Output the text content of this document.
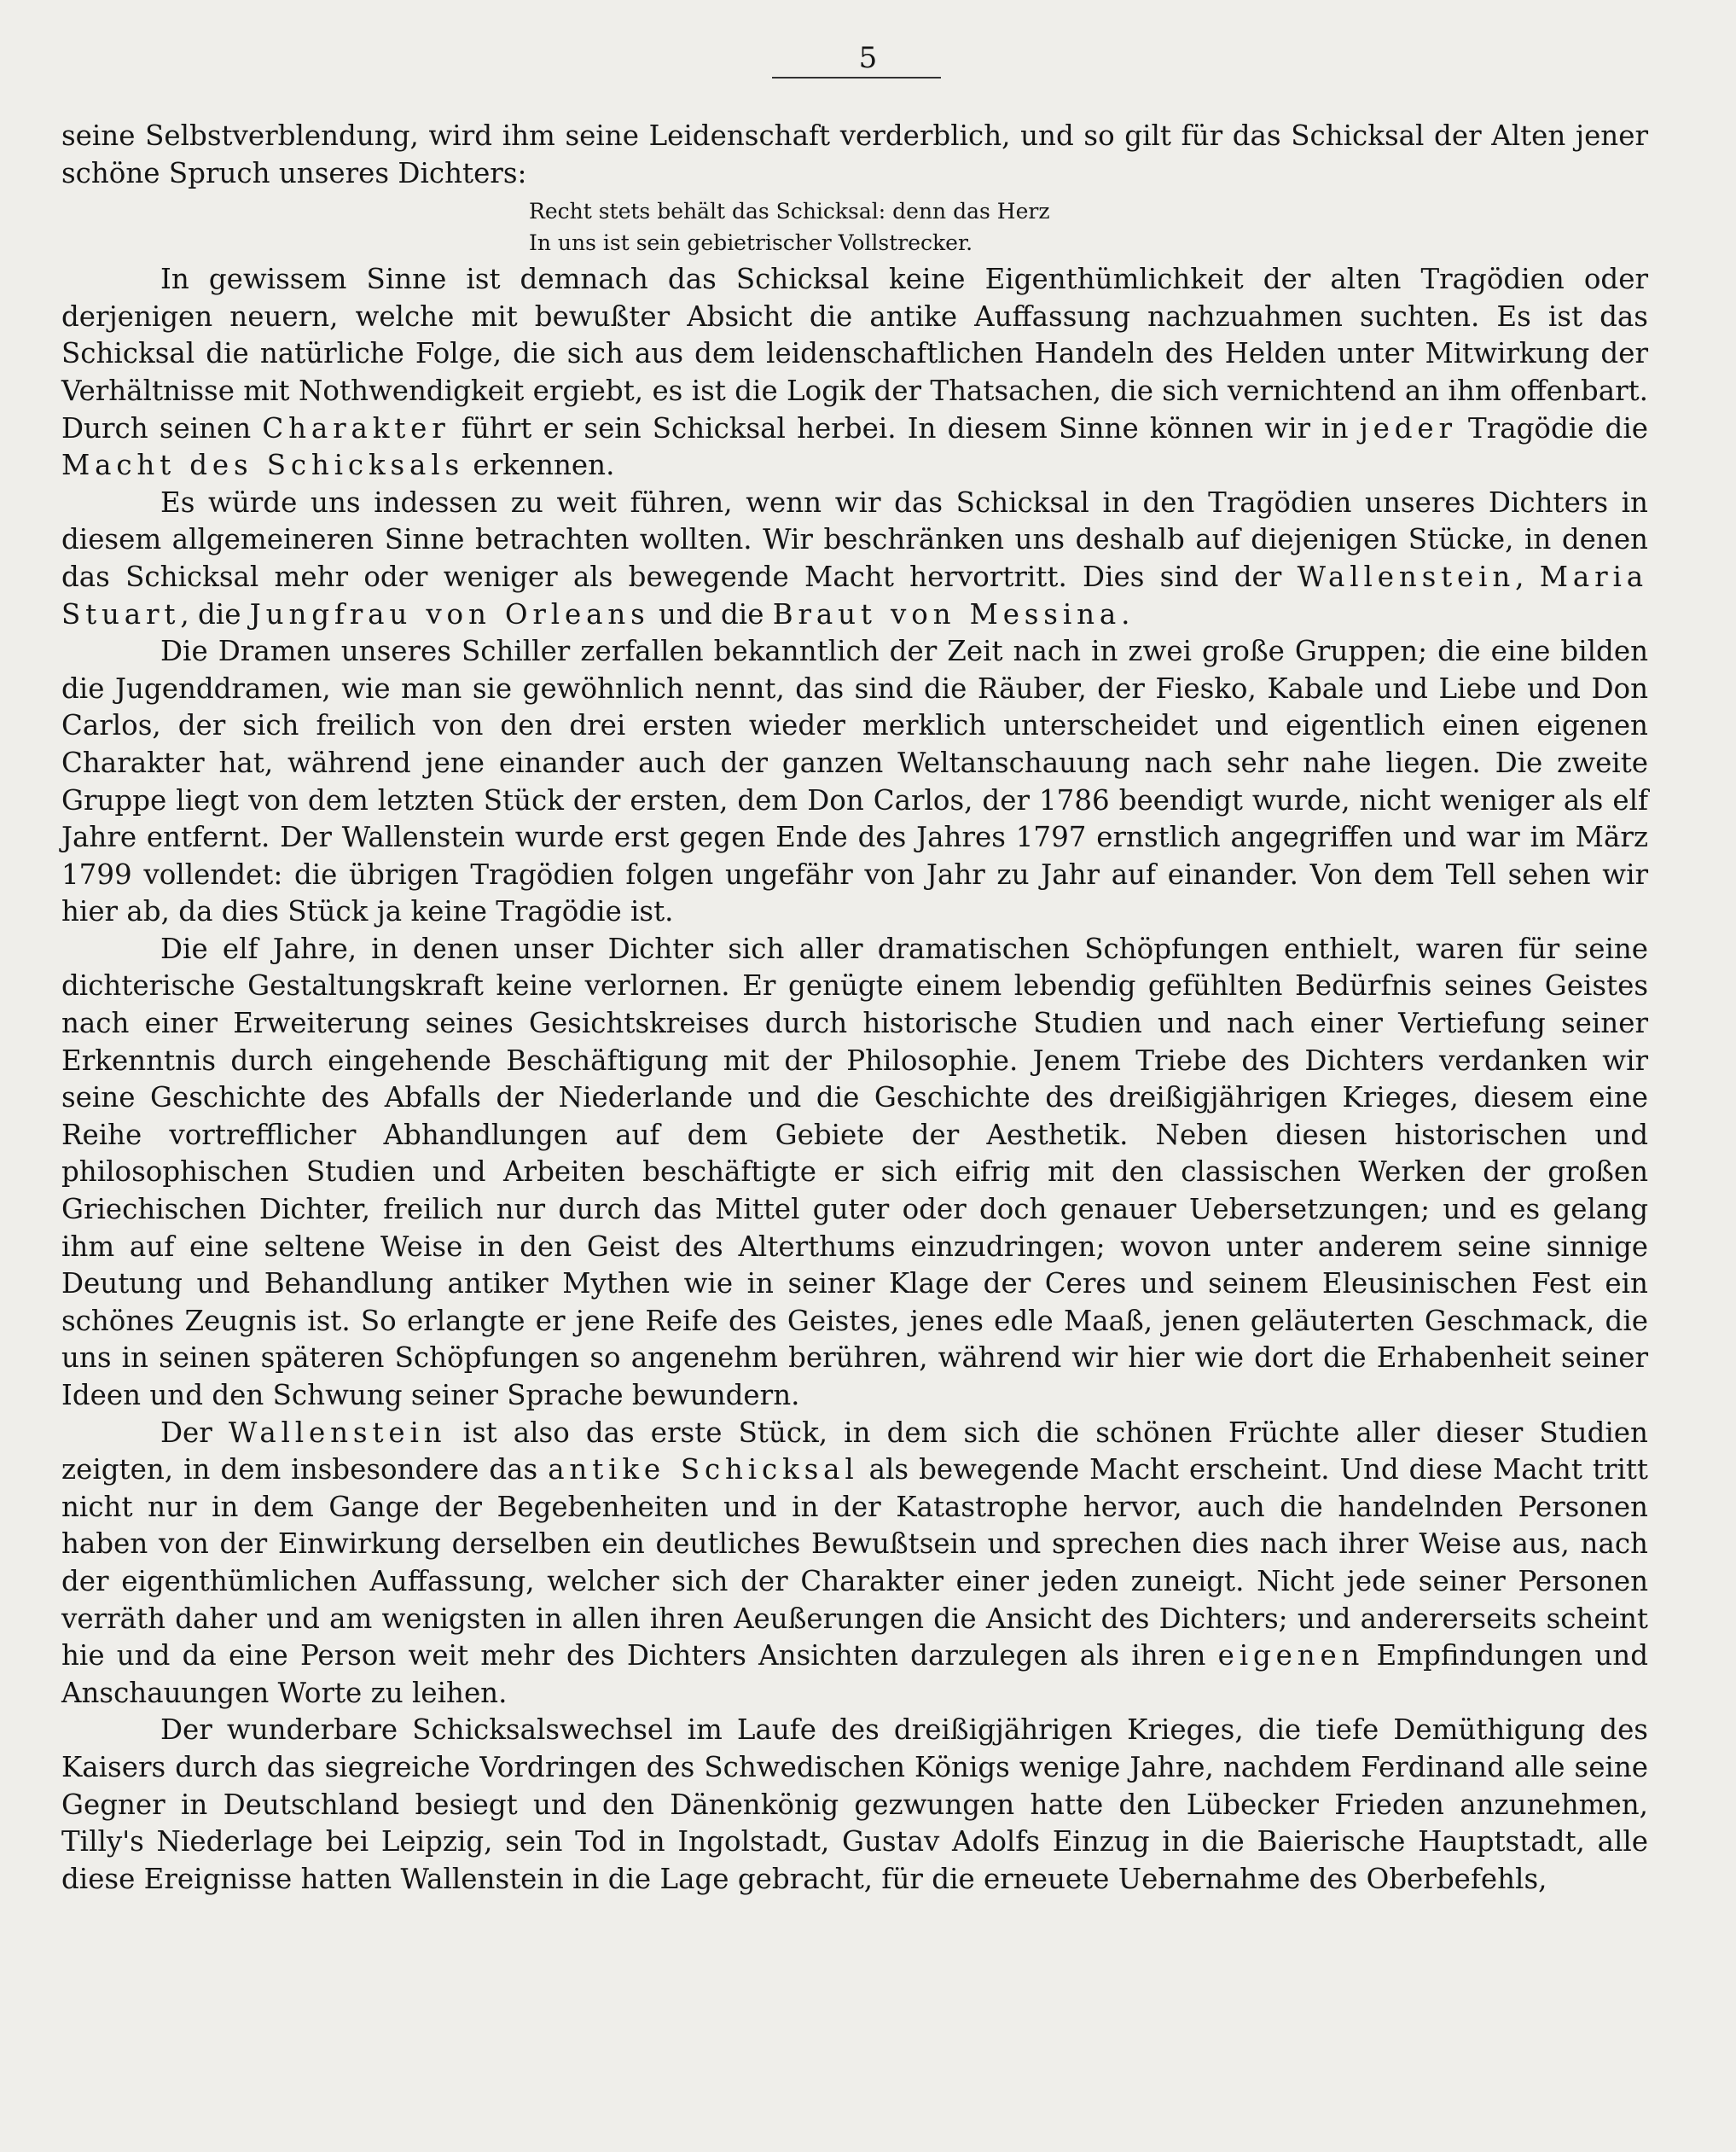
5

seine Selbstverblendung, wird ihm seine Leidenschaft verderblich, und so gilt für das Schicksal der Alten jener schöne Spruch unseres Dichters:

Recht stets behält das Schicksal: denn das Herz
In uns ist sein gebietrischer Vollstrecker.

In gewissem Sinne ist demnach das Schicksal keine Eigenthümlichkeit der alten Tragödien oder derjenigen neuern, welche mit bewußter Absicht die antike Auffassung nachzuahmen suchten. Es ist das Schicksal die natürliche Folge, die sich aus dem leidenschaftlichen Handeln des Helden unter Mitwirkung der Verhältnisse mit Nothwendigkeit ergiebt, es ist die Logik der Thatsachen, die sich vernichtend an ihm offenbart. Durch seinen Charakter führt er sein Schicksal herbei. In diesem Sinne können wir in jeder Tragödie die Macht des Schicksals erkennen.

Es würde uns indessen zu weit führen, wenn wir das Schicksal in den Tragödien unseres Dichters in diesem allgemeineren Sinne betrachten wollten. Wir beschränken uns deshalb auf diejenigen Stücke, in denen das Schicksal mehr oder weniger als bewegende Macht hervortritt. Dies sind der Wallenstein, Maria Stuart, die Jungfrau von Orleans und die Braut von Messina.

Die Dramen unseres Schiller zerfallen bekanntlich der Zeit nach in zwei große Gruppen; die eine bilden die Jugenddramen, wie man sie gewöhnlich nennt, das sind die Räuber, der Fiesko, Kabale und Liebe und Don Carlos, der sich freilich von den drei ersten wieder merklich unterscheidet und eigentlich einen eigenen Charakter hat, während jene einander auch der ganzen Weltanschauung nach sehr nahe liegen. Die zweite Gruppe liegt von dem letzten Stück der ersten, dem Don Carlos, der 1786 beendigt wurde, nicht weniger als elf Jahre entfernt. Der Wallenstein wurde erst gegen Ende des Jahres 1797 ernstlich angegriffen und war im März 1799 vollendet: die übrigen Tragödien folgen ungefähr von Jahr zu Jahr auf einander. Von dem Tell sehen wir hier ab, da dies Stück ja keine Tragödie ist.

Die elf Jahre, in denen unser Dichter sich aller dramatischen Schöpfungen enthielt, waren für seine dichterische Gestaltungskraft keine verlornen. Er genügte einem lebendig gefühlten Bedürfnis seines Geistes nach einer Erweiterung seines Gesichtskreises durch historische Studien und nach einer Vertiefung seiner Erkenntnis durch eingehende Beschäftigung mit der Philosophie. Jenem Triebe des Dichters verdanken wir seine Geschichte des Abfalls der Niederlande und die Geschichte des dreißigjährigen Krieges, diesem eine Reihe vortrefflicher Abhandlungen auf dem Gebiete der Aesthetik. Neben diesen historischen und philosophischen Studien und Arbeiten beschäftigte er sich eifrig mit den classischen Werken der großen Griechischen Dichter, freilich nur durch das Mittel guter oder doch genauer Uebersetzungen; und es gelang ihm auf eine seltene Weise in den Geist des Alterthums einzudringen; wovon unter anderem seine sinnige Deutung und Behandlung antiker Mythen wie in seiner Klage der Ceres und seinem Eleusinischen Fest ein schönes Zeugnis ist. So erlangte er jene Reife des Geistes, jenes edle Maaß, jenen geläuterten Geschmack, die uns in seinen späteren Schöpfungen so angenehm berühren, während wir hier wie dort die Erhabenheit seiner Ideen und den Schwung seiner Sprache bewundern.

Der Wallenstein ist also das erste Stück, in dem sich die schönen Früchte aller dieser Studien zeigten, in dem insbesondere das antike Schicksal als bewegende Macht erscheint. Und diese Macht tritt nicht nur in dem Gange der Begebenheiten und in der Katastrophe hervor, auch die handelnden Personen haben von der Einwirkung derselben ein deutliches Bewußtsein und sprechen dies nach ihrer Weise aus, nach der eigenthümlichen Auffassung, welcher sich der Charakter einer jeden zuneigt. Nicht jede seiner Personen verräth daher und am wenigsten in allen ihren Aeußerungen die Ansicht des Dichters; und andererseits scheint hie und da eine Person weit mehr des Dichters Ansichten darzulegen als ihren eigenen Empfindungen und Anschauungen Worte zu leihen.

Der wunderbare Schicksalswechsel im Laufe des dreißigjährigen Krieges, die tiefe Demüthigung des Kaisers durch das siegreiche Vordringen des Schwedischen Königs wenige Jahre, nachdem Ferdinand alle seine Gegner in Deutschland besiegt und den Dänenkönig gezwungen hatte den Lübecker Frieden anzunehmen, Tilly's Niederlage bei Leipzig, sein Tod in Ingolstadt, Gustav Adolfs Einzug in die Baierische Hauptstadt, alle diese Ereignisse hatten Wallenstein in die Lage gebracht, für die erneuete Uebernahme des Oberbefehls,
